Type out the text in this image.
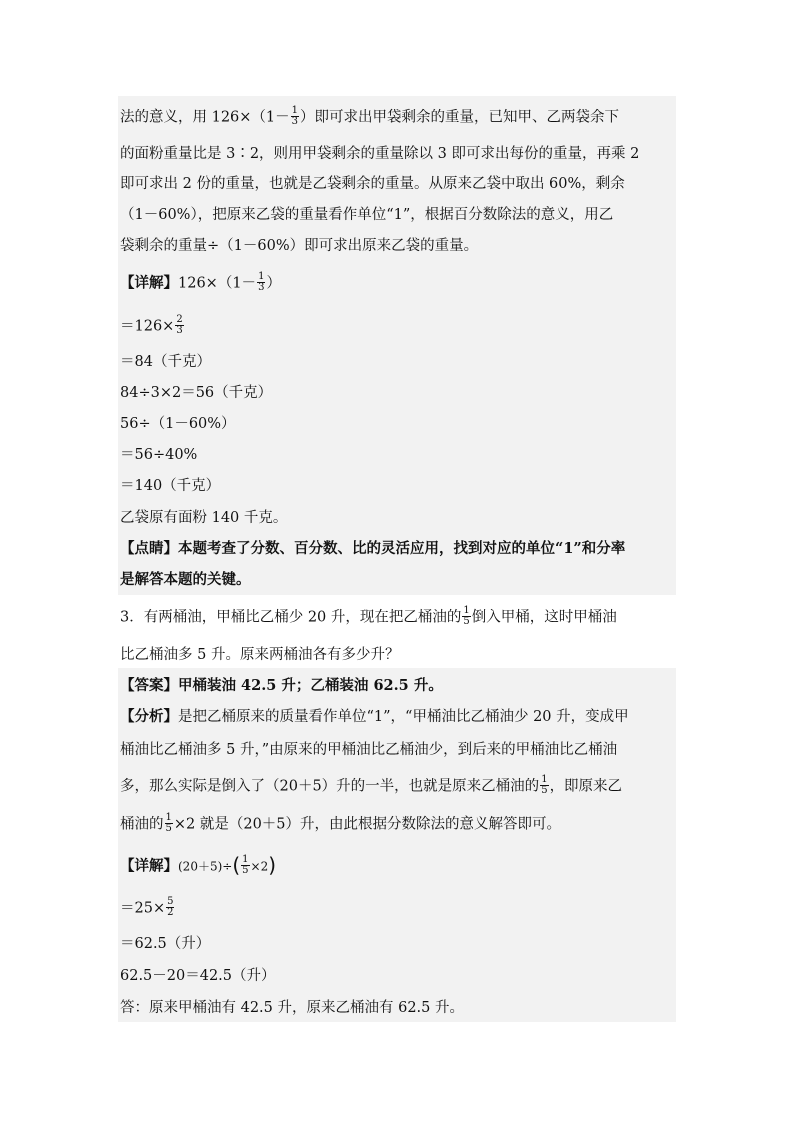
法的意义，用 $126\times(1- \frac{1}{3}$ ）即可求出甲袋剩余的重量，已知甲、乙两袋余下
的面粉重量比是 3∶2，则用甲袋剩余的重量除以 3 即可求出每份的重量，再乘 2
即可求出 2 份的重量，也就是乙袋剩余的重量。从原来乙袋中取出 60%，剩余
（1－60%），把原来乙袋的重量看作单位“1”，根据百分数除法的意义，用乙
袋剩余的重量÷（1－60%）即可求出原来乙袋的重量。
【详解】$126\times(1- \frac{1}{3}$ ）
$=126\times \frac{2}{3}$
＝84（千克）
84÷3×2＝56（千克）
56÷（1－60%）
＝56÷40%
＝140（千克）
乙袋原有面粉 140 千克。
【点睛】本题考查了分数、百分数、比的灵活应用，找到对应的单位“1”和分率
是解答本题的关键。
3．有两桶油，甲桶比乙桶少 20 升，现在把乙桶油的 $\frac{1}{5}$ 倒入甲桶，这时甲桶油
比乙桶油多 5 升。原来两桶油各有多少升？
【答案】甲桶装油 42.5 升；乙桶装油 62.5 升。
【分析】是把乙桶原来的质量看作单位“1”，“甲桶油比乙桶油少 20 升，变成甲
桶油比乙桶油多 5 升，”由原来的甲桶油比乙桶油少，到后来的甲桶油比乙桶油
多，那么实际是倒入了（20＋5）升的一半，也就是原来乙桶油的 $\frac{1}{5}$ ，即原来乙
桶油的 $\frac{1}{5} \times 2$ 就是（20＋5）升，由此根据分数除法的意义解答即可。
【详解】$(20+5)\div( \frac{1}{5} \times 2)$
$=25\times \frac{5}{2}$
＝62.5（升）
62.5－20＝42.5（升）
答：原来甲桶油有 42.5 升，原来乙桶油有 62.5 升。
